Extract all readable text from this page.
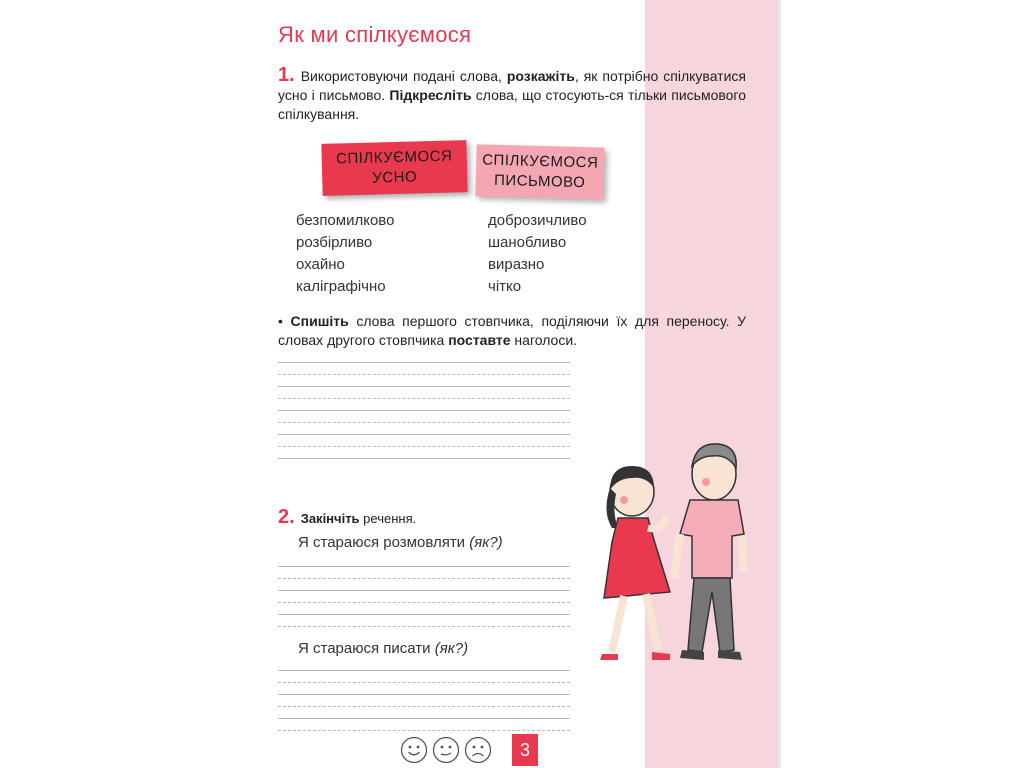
Як ми спілкуємося
1. Використовуючи подані слова, розкажіть, як потрібно спілкуватися усно і письмово. Підкресліть слова, що стосують-ся тільки письмового спілкування.
СПІЛКУЄМОСЯ
УСНО
СПІЛКУЄМОСЯ
ПИСЬМОВО
безпомилково
розбірливо
охайно
каліграфічно
доброзичливо
шанобливо
виразно
чітко
• Спишіть слова першого стовпчика, поділяючи їх для переносу. У словах другого стовпчика поставте наголоси.
2. Закінчіть речення.
Я стараюся розмовляти (як?)
Я стараюся писати (як?)
3
